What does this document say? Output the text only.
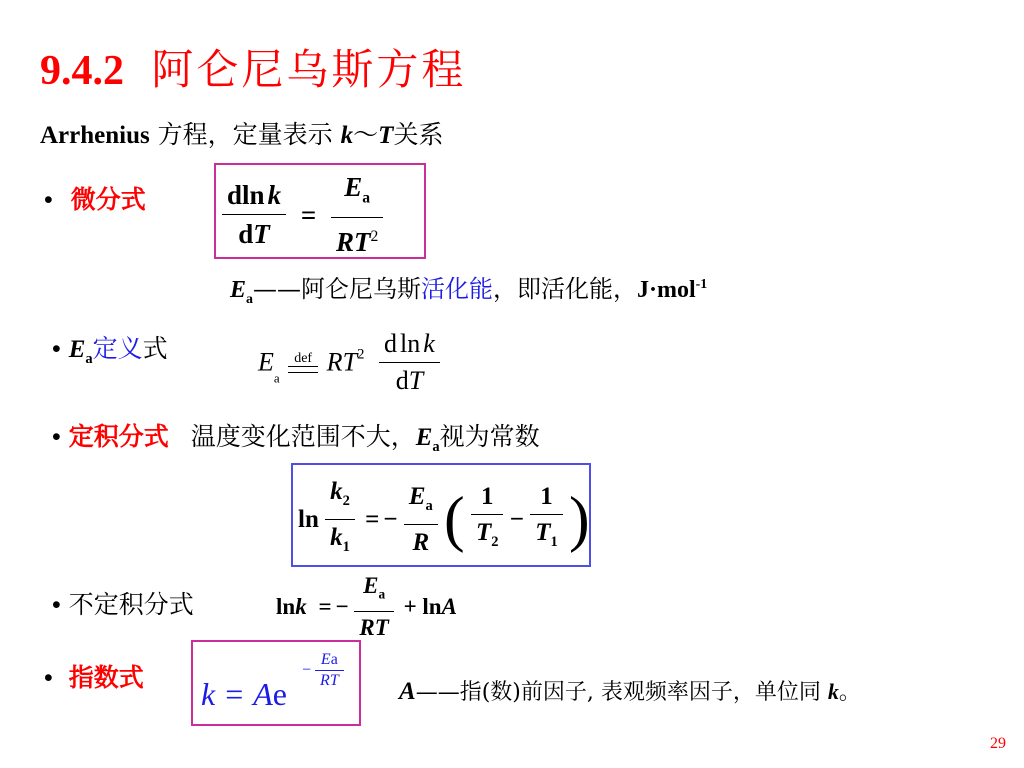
9.4.2 阿仑尼乌斯方程
Arrhenius 方程，定量表示 k～T关系
• 微分式	$\frac{\text{dln k}}{dT} = \frac{E_a}{RT^2}$
$E_a——$阿仑尼乌斯活化能，即活化能，J·mol$^{-1}$
• $E_a$定义式	$E_a$
def $RT^2 \frac{\text{d ln k}}{dT}$
• 定积分式 温度变化范围不大，$E_a$视为常数
$\ln \frac{k_2}{k_1}$ = − $\frac{E_a}{R}$ ( $\frac{1}{T_2} - \frac{1}{T_1}$ )
• 不定积分式	lnk = − $\frac{E_a}{RT} + \ln A$
• 指数式 k = Ae
− $\frac{Ea}{RT}$
A——指(数)前因子, 表观频率因子，单位同 k。
29
